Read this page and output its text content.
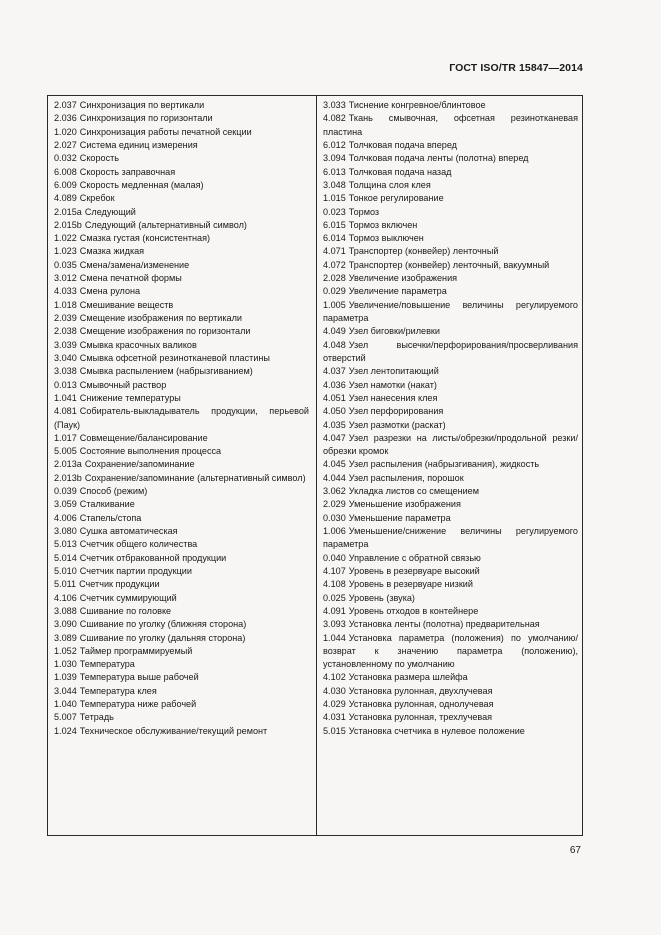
ГОСТ ISO/TR 15847—2014
2.037 Синхронизация по вертикали
2.036 Синхронизация по горизонтали
1.020 Синхронизация работы печатной секции
2.027 Система единиц измерения
0.032 Скорость
6.008 Скорость заправочная
6.009 Скорость медленная (малая)
4.089 Скребок
2.015a Следующий
2.015b Следующий (альтернативный символ)
1.022 Смазка густая (консистентная)
1.023 Смазка жидкая
0.035 Смена/замена/изменение
3.012 Смена печатной формы
4.033 Смена рулона
1.018 Смешивание веществ
2.039 Смещение изображения по вертикали
2.038 Смещение изображения по горизонтали
3.039 Смывка красочных валиков
3.040 Смывка офсетной резинотканевой пластины
3.038 Смывка распылением (набрызгиванием)
0.013 Смывочный раствор
1.041 Снижение температуры
4.081 Собиратель-выкладыватель продукции, перьевой (Паук)
1.017 Совмещение/балансирование
5.005 Состояние выполнения процесса
2.013a Сохранение/запоминание
2.013b Сохранение/запоминание (альтернативный символ)
0.039 Способ (режим)
3.059 Сталкивание
4.006 Стапель/стопа
3.080 Сушка автоматическая
5.013 Счетчик общего количества
5.014 Счетчик отбракованной продукции
5.010 Счетчик партии продукции
5.011 Счетчик продукции
4.106 Счетчик суммирующий
3.088 Сшивание по головке
3.090 Сшивание по уголку (ближняя сторона)
3.089 Сшивание по уголку (дальняя сторона)
1.052 Таймер программируемый
1.030 Температура
1.039 Температура выше рабочей
3.044 Температура клея
1.040 Температура ниже рабочей
5.007 Тетрадь
1.024 Техническое обслуживание/текущий ремонт
3.033 Тиснение конгревное/блинтовое
4.082 Ткань смывочная, офсетная резинотканевая пластина
6.012 Толчковая подача вперед
3.094 Толчковая подача ленты (полотна) вперед
6.013 Толчковая подача назад
3.048 Толщина слоя клея
1.015 Тонкое регулирование
0.023 Тормоз
6.015 Тормоз включен
6.014 Тормоз выключен
4.071 Транспортер (конвейер) ленточный
4.072 Транспортер (конвейер) ленточный, вакуумный
2.028 Увеличение изображения
0.029 Увеличение параметра
1.005 Увеличение/повышение величины регулируемого параметра
4.049 Узел биговки/рилевки
4.048 Узел высечки/перфорирования/просверливания отверстий
4.037 Узел лентопитающий
4.036 Узел намотки (накат)
4.051 Узел нанесения клея
4.050 Узел перфорирования
4.035 Узел размотки (раскат)
4.047 Узел разрезки на листы/обрезки/продольной резки/обрезки кромок
4.045 Узел распыления (набрызгивания), жидкость
4.044 Узел распыления, порошок
3.062 Укладка листов со смещением
2.029 Уменьшение изображения
0.030 Уменьшение параметра
1.006 Уменьшение/снижение величины регулируемого параметра
0.040 Управление с обратной связью
4.107 Уровень в резервуаре высокий
4.108 Уровень в резервуаре низкий
0.025 Уровень (звука)
4.091 Уровень отходов в контейнере
3.093 Установка ленты (полотна) предварительная
1.044 Установка параметра (положения) по умолчанию/возврат к значению параметра (положению), установленному по умолчанию
4.102 Установка размера шлейфа
4.030 Установка рулонная, двухлучевая
4.029 Установка рулонная, однолучевая
4.031 Установка рулонная, трехлучевая
5.015 Установка счетчика в нулевое положение
67
